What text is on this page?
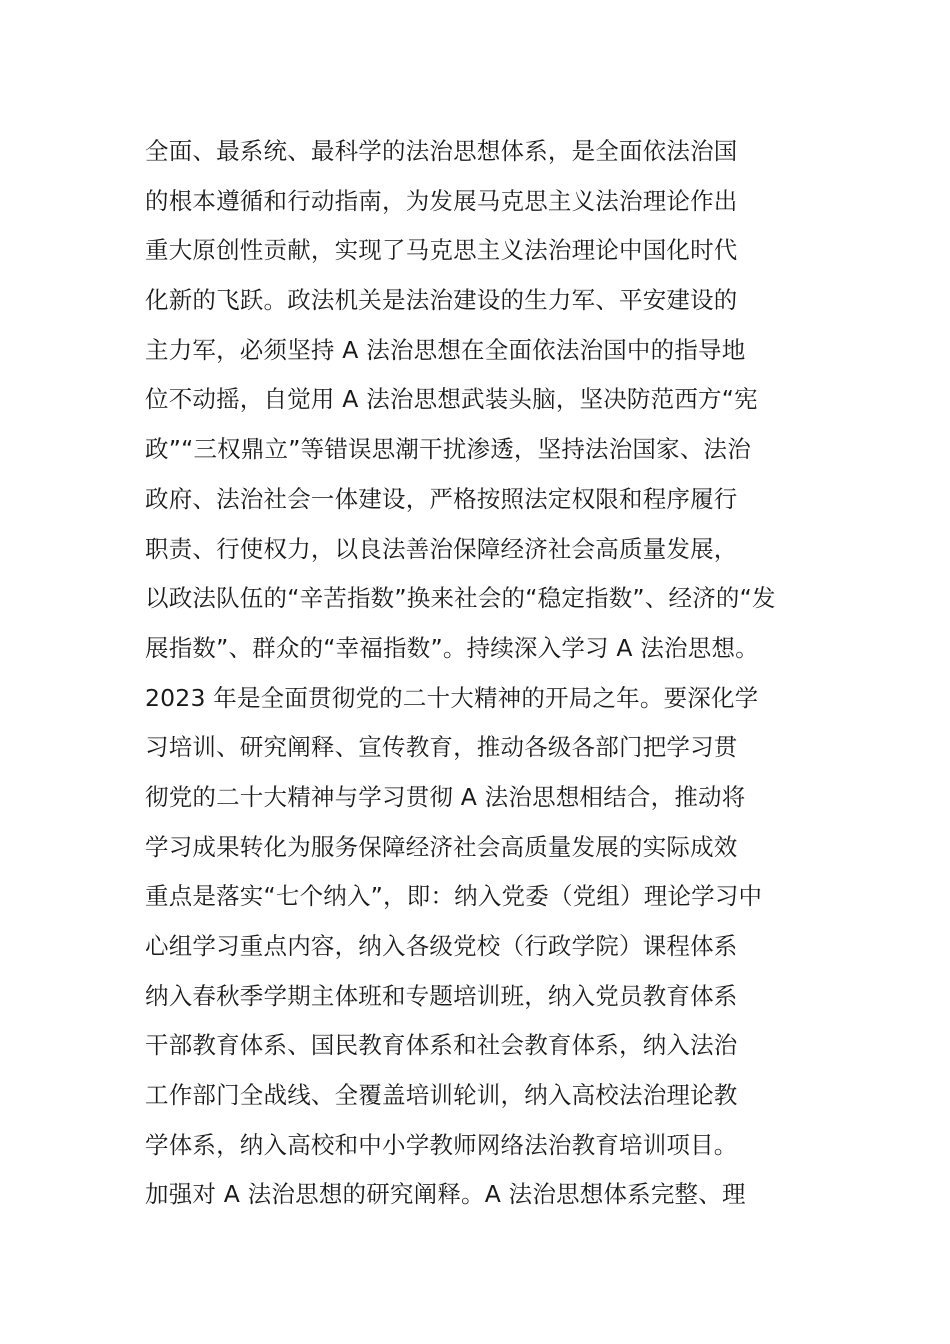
全面、最系统、最科学的法治思想体系，是全面依法治国
的根本遵循和行动指南，为发展马克思主义法治理论作出
重大原创性贡献，实现了马克思主义法治理论中国化时代
化新的飞跃。政法机关是法治建设的生力军、平安建设的
主力军，必须坚持 A 法治思想在全面依法治国中的指导地
位不动摇，自觉用 A 法治思想武装头脑，坚决防范西方“宪
政”“三权鼎立”等错误思潮干扰渗透，坚持法治国家、法治
政府、法治社会一体建设，严格按照法定权限和程序履行
职责、行使权力，以良法善治保障经济社会高质量发展，
以政法队伍的“辛苦指数”换来社会的“稳定指数”、经济的“发
展指数”、群众的“幸福指数”。持续深入学习 A 法治思想。
2023 年是全面贯彻党的二十大精神的开局之年。要深化学
习培训、研究阐释、宣传教育，推动各级各部门把学习贯
彻党的二十大精神与学习贯彻 A 法治思想相结合，推动将
学习成果转化为服务保障经济社会高质量发展的实际成效
重点是落实“七个纳入”，即：纳入党委（党组）理论学习中
心组学习重点内容，纳入各级党校（行政学院）课程体系
纳入春秋季学期主体班和专题培训班，纳入党员教育体系
干部教育体系、国民教育体系和社会教育体系，纳入法治
工作部门全战线、全覆盖培训轮训，纳入高校法治理论教
学体系，纳入高校和中小学教师网络法治教育培训项目。
加强对 A 法治思想的研究阐释。A 法治思想体系完整、理
